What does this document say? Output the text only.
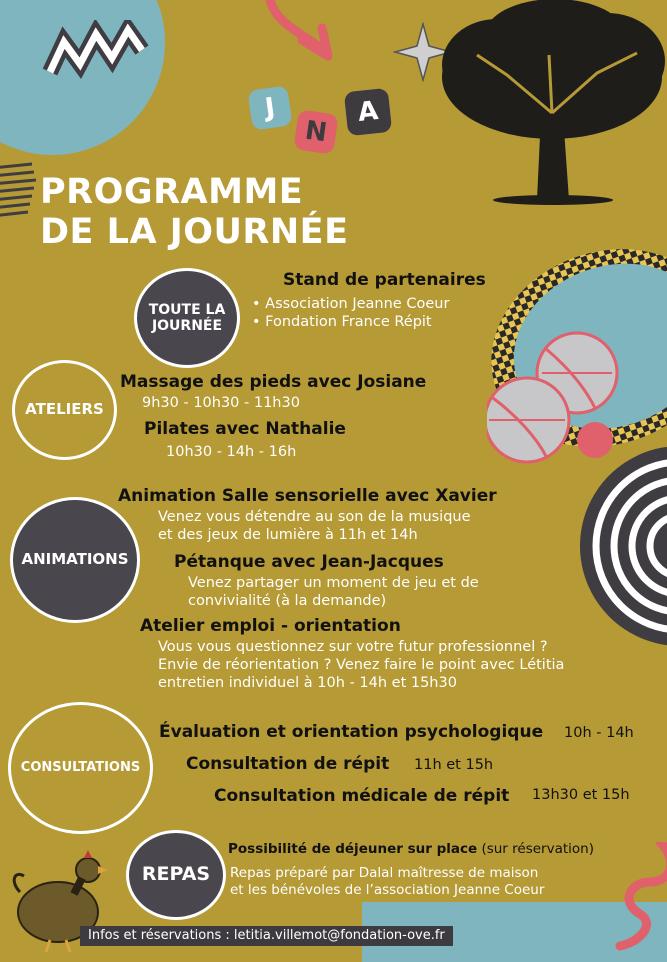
J
N
A
PROGRAMME
DE LA JOURNÉE
TOUTE LA
JOURNÉE
Stand de partenaires
• Association Jeanne Coeur
• Fondation France Répit
ATELIERS
Massage des pieds avec Josiane
9h30 - 10h30 - 11h30
Pilates avec Nathalie
10h30 - 14h - 16h
ANIMATIONS
Animation Salle sensorielle avec Xavier
Venez vous détendre au son de la musique
et des jeux de lumière à 11h et 14h
Pétanque avec Jean-Jacques
Venez partager un moment de jeu et de
convivialité (à la demande)
Atelier emploi - orientation
Vous vous questionnez sur votre futur professionnel ?
Envie de réorientation ? Venez faire le point avec Létitia
entretien individuel à 10h - 14h et 15h30
CONSULTATIONS
Évaluation et orientation psychologique 10h - 14h
Consultation de répit 11h et 15h
Consultation médicale de répit 13h30 et 15h
REPAS
Possibilité de déjeuner sur place (sur réservation)
Repas préparé par Dalal maîtresse de maison
et les bénévoles de l’association Jeanne Coeur
Infos et réservations : letitia.villemot@fondation-ove.fr
